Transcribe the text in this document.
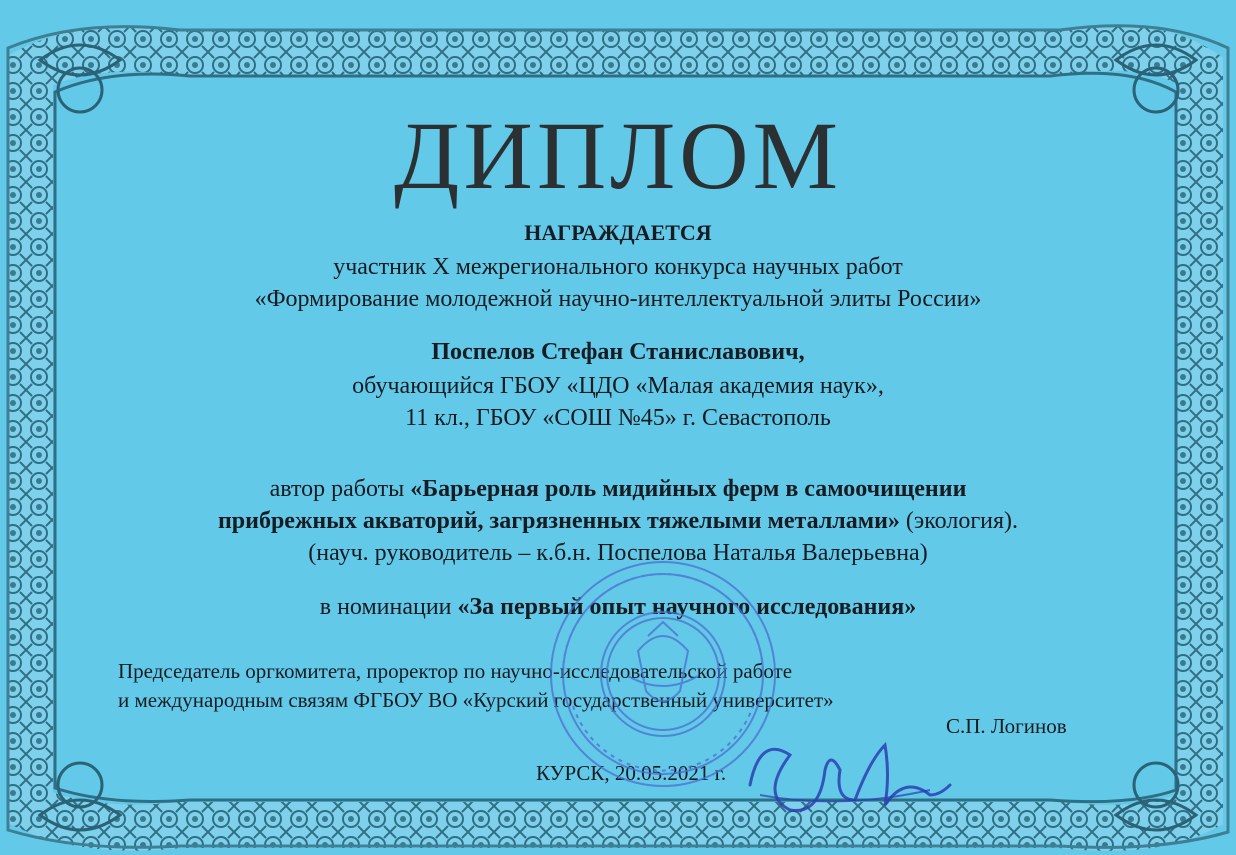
ДИПЛОМ
НАГРАЖДАЕТСЯ
участник X межрегионального конкурса научных работ
«Формирование молодежной научно-интеллектуальной элиты России»
Поспелов Стефан Станиславович,
обучающийся ГБОУ «ЦДО «Малая академия наук»,
11 кл., ГБОУ «СОШ №45» г. Севастополь
автор работы «Барьерная роль мидийных ферм в самоочищении
прибрежных акваторий, загрязненных тяжелыми металлами» (экология).
(науч. руководитель – к.б.н. Поспелова Наталья Валерьевна)
в номинации «За первый опыт научного исследования»
Председатель оргкомитета, проректор по научно-исследовательской работе
и международным связям ФГБОУ ВО «Курский государственный университет»
С.П. Логинов
КУРСК, 20.05.2021 г.
